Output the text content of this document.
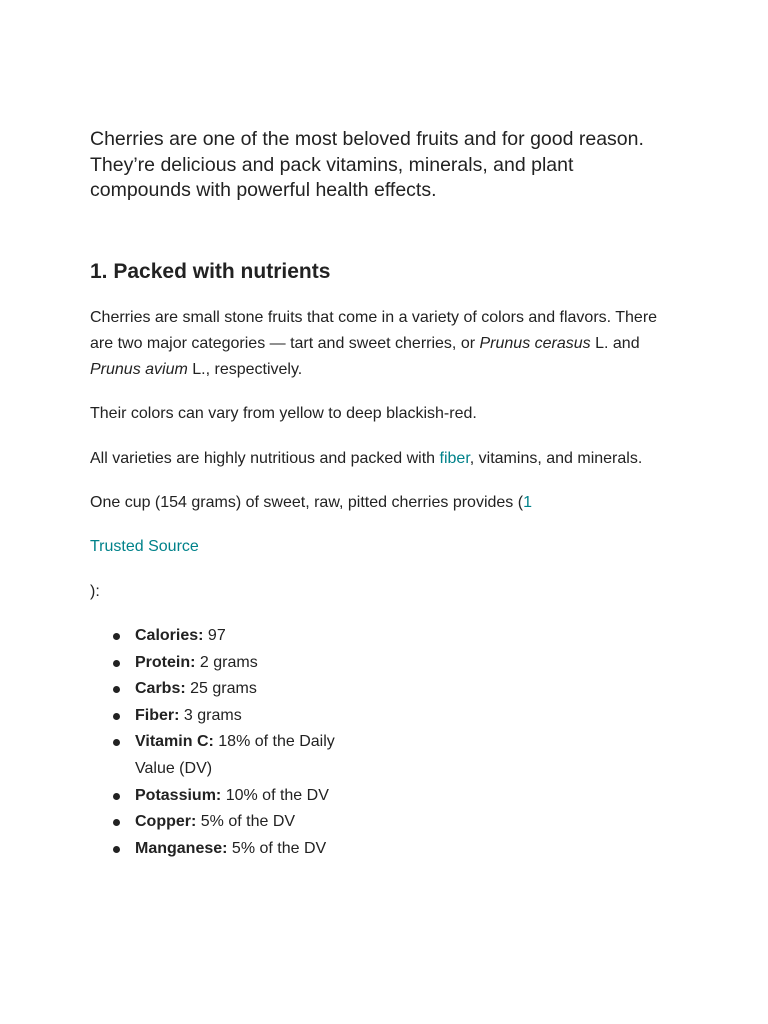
Cherries are one of the most beloved fruits and for good reason. They’re delicious and pack vitamins, minerals, and plant compounds with powerful health effects.

1. Packed with nutrients

Cherries are small stone fruits that come in a variety of colors and flavors. There are two major categories — tart and sweet cherries, or Prunus cerasus L. and Prunus avium L., respectively.

Their colors can vary from yellow to deep blackish-red.

All varieties are highly nutritious and packed with fiber, vitamins, and minerals.

One cup (154 grams) of sweet, raw, pitted cherries provides (1

Trusted Source

):

Calories: 97
Protein: 2 grams
Carbs: 25 grams
Fiber: 3 grams
Vitamin C: 18% of the Daily Value (DV)
Potassium: 10% of the DV
Copper: 5% of the DV
Manganese: 5% of the DV
